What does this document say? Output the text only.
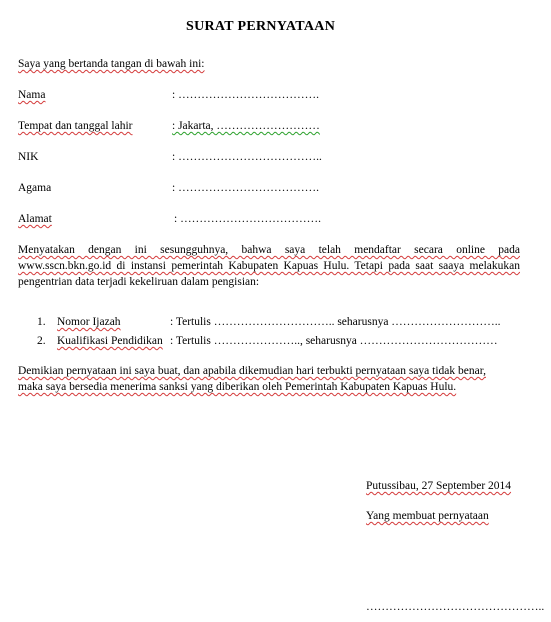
SURAT PERNYATAAN
Saya yang bertanda tangan di bawah ini:
Nama	: ……………………………….
Tempat dan tanggal lahir	: Jakarta, ………………………
NIK	: ………………………………..
Agama	: ……………………………….
Alamat	: ……………………………….
Menyatakan dengan ini sesungguhnya, bahwa saya telah mendaftar secara online pada
www.sscn.bkn.go.id di instansi pemerintah Kabupaten Kapuas Hulu. Tetapi pada saat saaya melakukan
pengentrian data terjadi kekeliruan dalam pengisian:
1. Nomor Ijazah	: Tertulis ………………………….. seharusnya ………………………..
2. Kualifikasi Pendidikan : Tertulis ………………….., seharusnya ………………………………
Demikian pernyataan ini saya buat, dan apabila dikemudian hari terbukti pernyataan saya tidak benar,
maka saya bersedia menerima sanksi yang diberikan oleh Pemerintah Kabupaten Kapuas Hulu.
Putussibau, 27 September 2014
Yang membuat pernyataan
………………………………………..
